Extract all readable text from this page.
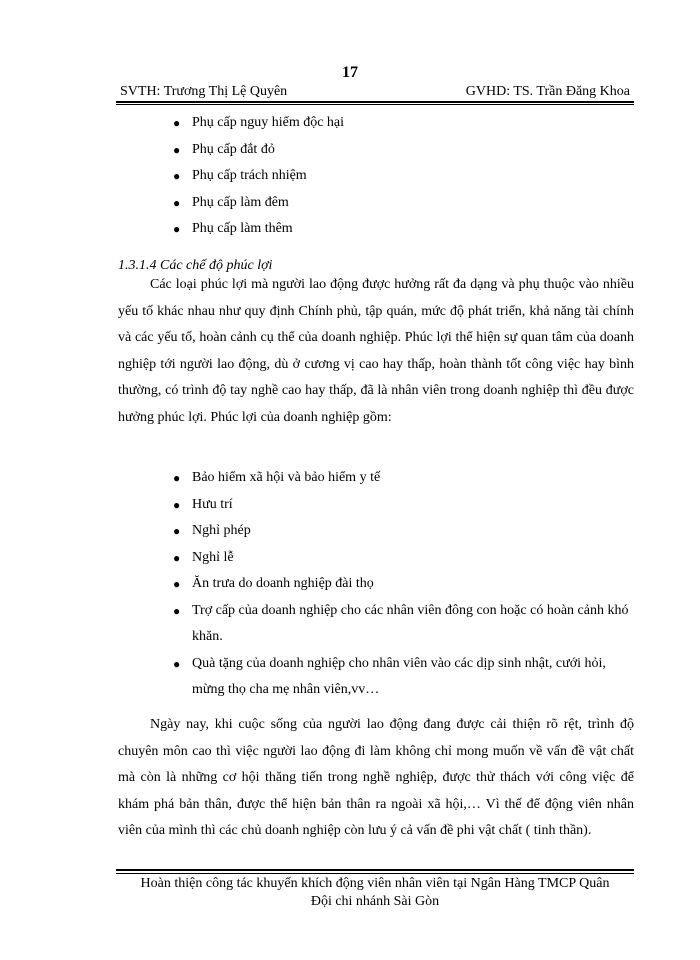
17
SVTH: Trương Thị Lệ Quyên	GVHD: TS. Trần Đăng Khoa
● Phụ cấp nguy hiểm độc hại
● Phụ cấp đắt đỏ
● Phụ cấp trách nhiệm
● Phụ cấp làm đêm
● Phụ cấp làm thêm
1.3.1.4 Các chế độ phúc lợi

Các loại phúc lợi mà người lao động được hưởng rất đa dạng và phụ thuộc vào nhiều yếu tố khác nhau như quy định Chính phủ, tập quán, mức độ phát triển, khả năng tài chính và các yếu tố, hoàn cảnh cụ thể của doanh nghiệp. Phúc lợi thể hiện sự quan tâm của doanh nghiệp tới người lao động, dù ở cương vị cao hay thấp, hoàn thành tốt công việc hay bình thường, có trình độ tay nghề cao hay thấp, đã là nhân viên trong doanh nghiệp thì đều được hưởng phúc lợi. Phúc lợi của doanh nghiệp gồm:

● Bảo hiểm xã hội và bảo hiểm y tế
● Hưu trí
● Nghỉ phép
● Nghỉ lễ
● Ăn trưa do doanh nghiệp đài thọ
● Trợ cấp của doanh nghiệp cho các nhân viên đông con hoặc có hoàn cảnh khó khăn.
● Quà tặng của doanh nghiệp cho nhân viên vào các dịp sinh nhật, cưới hỏi, mừng thọ cha mẹ nhân viên,vv…

Ngày nay, khi cuộc sống của người lao động đang được cải thiện rõ rệt, trình độ chuyên môn cao thì việc người lao động đi làm không chỉ mong muốn về vấn đề vật chất mà còn là những cơ hội thăng tiến trong nghề nghiệp, được thử thách với công việc để khám phá bản thân, được thể hiện bản thân ra ngoài xã hội,… Vì thế để động viên nhân viên của mình thì các chủ doanh nghiệp còn lưu ý cả vấn đề phi vật chất ( tinh thần).

Hoàn thiện công tác khuyến khích động viên nhân viên tại Ngân Hàng TMCP Quân
Đội chi nhánh Sài Gòn
